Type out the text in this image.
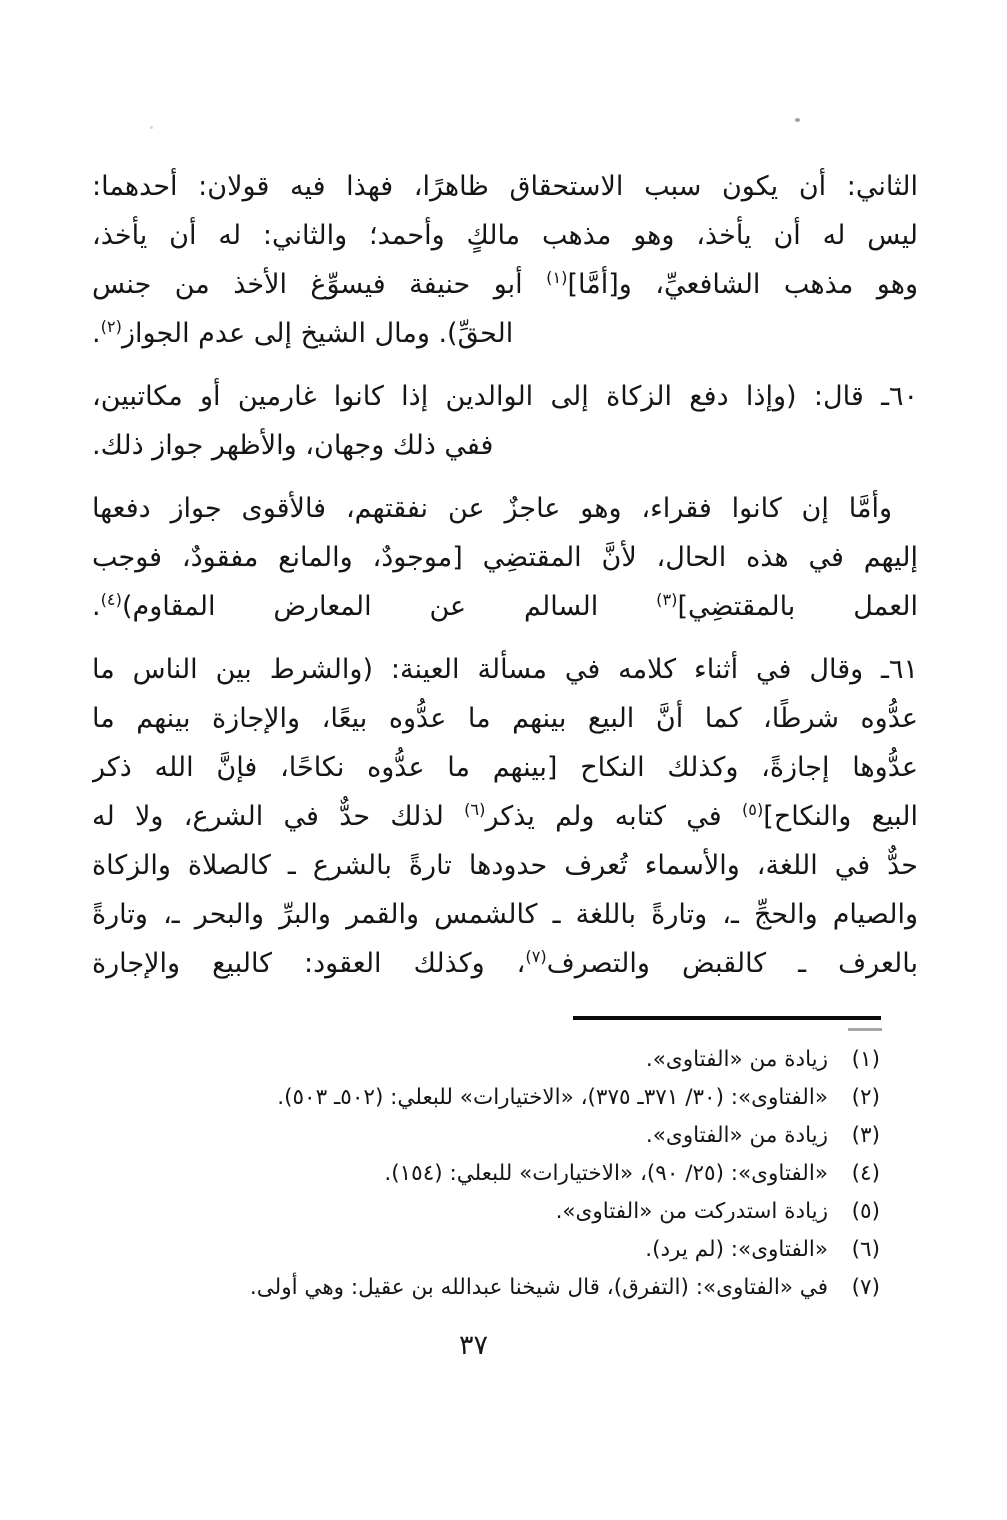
الثاني: أن يكون سبب الاستحقاق ظاهرًا، فهذا فيه قولان: أحدهما:
ليس له أن يأخذ، وهو مذهب مالكٍ وأحمد؛ والثاني: له أن يأخذ،
وهو مذهب الشافعيِّ، و[أمَّا]$^{(١)}$ أبو حنيفة فيسوِّغ الأخذ من جنس
الحقِّ). ومال الشيخ إلى عدم الجواز$^{(٢)}$.
٦٠ـ قال: (وإذا دفع الزكاة إلى الوالدين إذا كانوا غارمين أو مكاتبين،
ففي ذلك وجهان، والأظهر جواز ذلك.
وأمَّا إن كانوا فقراء، وهو عاجزٌ عن نفقتهم، فالأقوى جواز دفعها
إليهم في هذه الحال، لأنَّ المقتضِي [موجودٌ، والمانع مفقودٌ، فوجب
العمل بالمقتضِي]$^{(٣)}$ السالم عن المعارض المقاوم)$^{(٤)}$.
٦١ـ وقال في أثناء كلامه في مسألة العينة: (والشرط بين الناس ما
عدُّوه شرطًا، كما أنَّ البيع بينهم ما عدُّوه بيعًا، والإجازة بينهم ما
عدُّوها إجازةً، وكذلك النكاح [بينهم ما عدُّوه نكاحًا، فإنَّ الله ذكر
البيع والنكاح]$^{(٥)}$ في كتابه ولم يذكر$^{(٦)}$ لذلك حدٌّ في الشرع، ولا له
حدٌّ في اللغة، والأسماء تُعرف حدودها تارةً بالشرع ـ كالصلاة والزكاة
والصيام والحجِّ ـ، وتارةً باللغة ـ كالشمس والقمر والبرِّ والبحر ـ، وتارةً
بالعرف ـ كالقبض والتصرف$^{(٧)}$، وكذلك العقود: كالبيع والإجارة
(١)
زيادة من «الفتاوى».
(٢)
«الفتاوى»: (٣٠/ ٣٧١ـ ٣٧٥)، «الاختيارات» للبعلي: (٥٠٢ـ ٥٠٣).
(٣)
زيادة من «الفتاوى».
(٤)
«الفتاوى»: (٢٥/ ٩٠)، «الاختيارات» للبعلي: (١٥٤).
(٥)
زيادة استدركت من «الفتاوى».
(٦)
«الفتاوى»: (لم يرد).
(٧)
في «الفتاوى»: (التفرق)، قال شيخنا عبدالله بن عقيل: وهي أولى.
٣٧
